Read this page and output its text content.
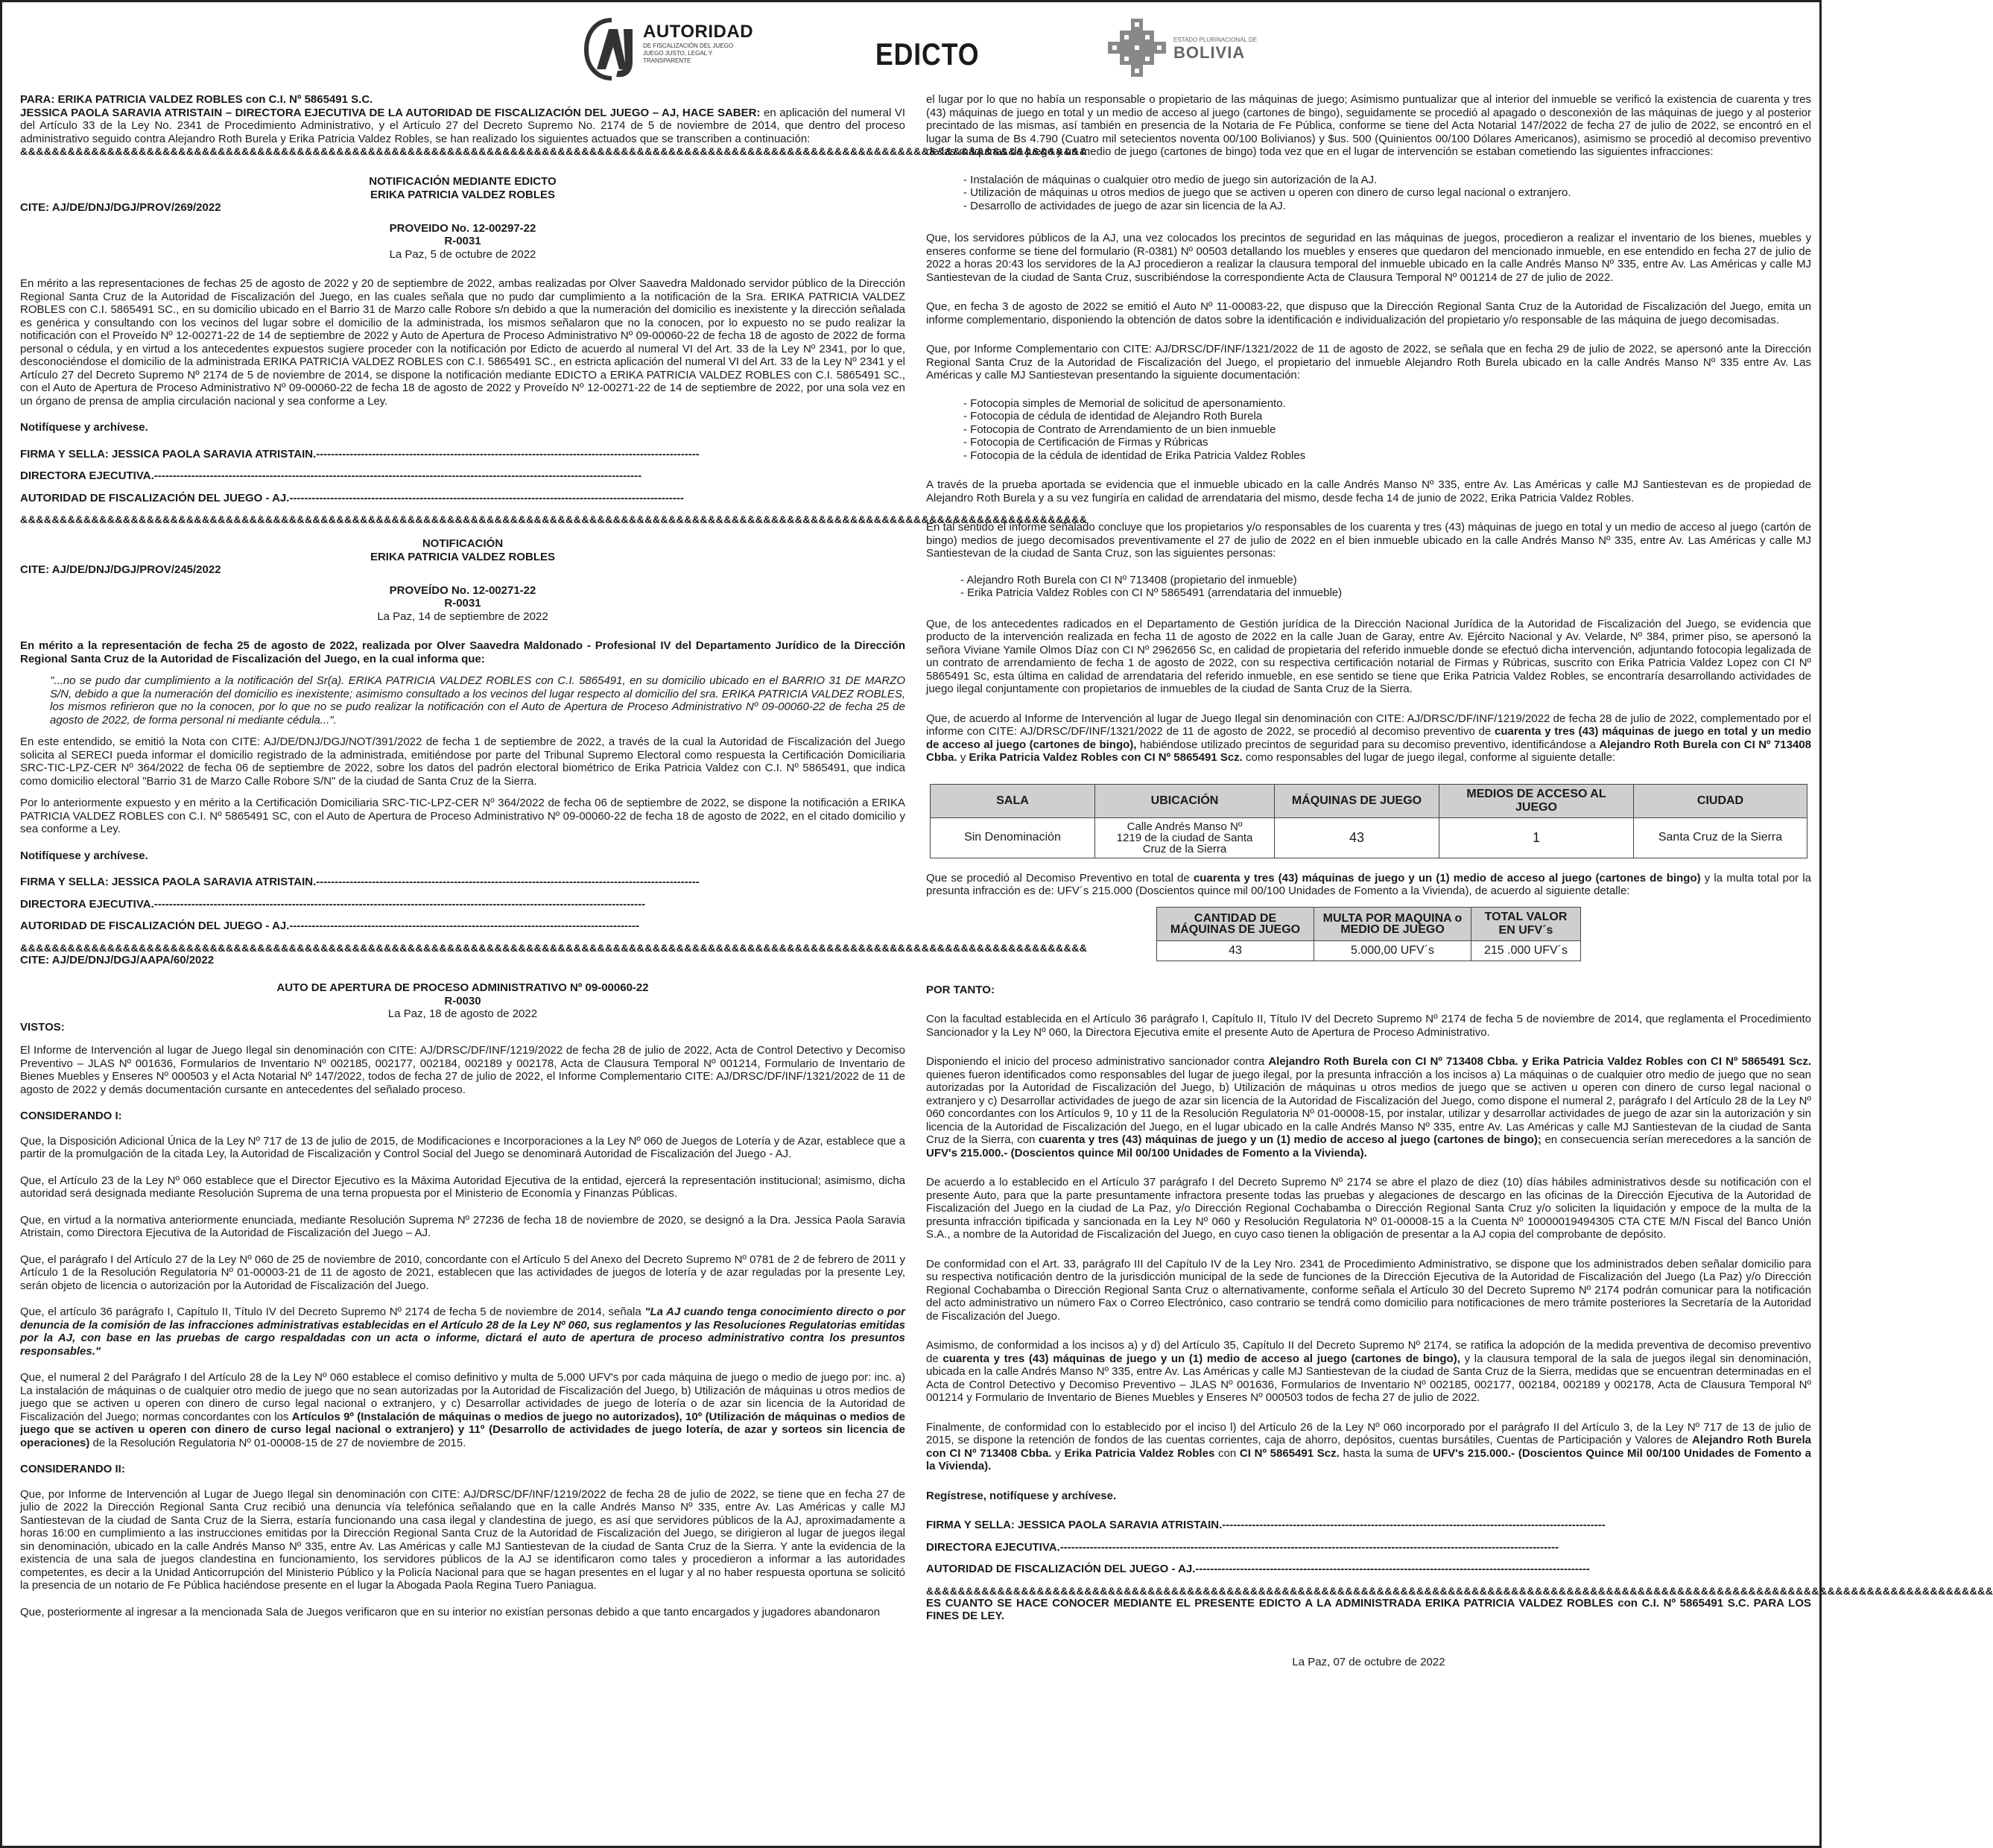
AUTORIDAD
DE FISCALIZACIÓN DEL JUEGO
JUEGO JUSTO, LEGAL Y TRANSPARENTE	EDICTO	ESTADO PLURINACIONAL DE
BOLIVIA

PARA: ERIKA PATRICIA VALDEZ ROBLES con C.I. Nº 5865491 S.C.

JESSICA PAOLA SARAVIA ATRISTAIN – DIRECTORA EJECUTIVA DE LA AUTORIDAD DE FISCALIZACIÓN DEL JUEGO – AJ, HACE SABER: en aplicación del numeral VI del Artículo 33 de la Ley No. 2341 de Procedimiento Administrativo, y el Artículo 27 del Decreto Supremo No. 2174 de 5 de noviembre de 2014, que dentro del proceso administrativo seguido contra Alejandro Roth Burela y Erika Patricia Valdez Robles, se han realizado los siguientes actuados que se transcriben a continuación:

&&&&&&&&&&&&&&&&&&&&&&&&&&&&&&&&&&&&&&&&&&&&&&&&&&&&&&&&&&&&&&&&&&&&&&&&&&&&&&&&&&&&&&&&&&&&&&&&&&&&&&&&&&&&&&&&&&&&&&&&&&&&&&&&&&&&&&&

NOTIFICACIÓN MEDIANTE EDICTO

ERIKA PATRICIA VALDEZ ROBLES

CITE: AJ/DE/DNJ/DGJ/PROV/269/2022

PROVEIDO No. 12-00297-22

R-0031

La Paz, 5 de octubre de 2022

En mérito a las representaciones de fechas 25 de agosto de 2022 y 20 de septiembre de 2022, ambas realizadas por Olver Saavedra Maldonado servidor público de la Dirección Regional Santa Cruz de la Autoridad de Fiscalización del Juego, en las cuales señala que no pudo dar cumplimiento a la notificación de la Sra. ERIKA PATRICIA VALDEZ ROBLES con C.I. 5865491 SC., en su domicilio ubicado en el Barrio 31 de Marzo calle Robore s/n debido a que la numeración del domicilio es inexistente y la dirección señalada es genérica y consultando con los vecinos del lugar sobre el domicilio de la administrada, los mismos señalaron que no la conocen, por lo expuesto no se pudo realizar la notificación con el Proveído Nº 12-00271-22 de 14 de septiembre de 2022 y Auto de Apertura de Proceso Administrativo Nº 09-00060-22 de fecha 18 de agosto de 2022 de forma personal o cédula, y en virtud a los antecedentes expuestos sugiere proceder con la notificación por Edicto de acuerdo al numeral VI del Art. 33 de la Ley Nº 2341, por lo que, desconociéndose el domicilio de la administrada ERIKA PATRICIA VALDEZ ROBLES con C.I. 5865491 SC., en estricta aplicación del numeral VI del Art. 33 de la Ley Nº 2341 y el Artículo 27 del Decreto Supremo Nº 2174 de 5 de noviembre de 2014, se dispone la notificación mediante EDICTO a ERIKA PATRICIA VALDEZ ROBLES con C.I. 5865491 SC., con el Auto de Apertura de Proceso Administrativo Nº 09-00060-22 de fecha 18 de agosto de 2022 y Proveído Nº 12-00271-22 de 14 de septiembre de 2022, por una sola vez en un órgano de prensa de amplia circulación nacional y sea conforme a Ley.

Notifíquese y archívese.

FIRMA Y SELLA: JESSICA PAOLA SARAVIA ATRISTAIN.-------------------------------------------------------------------------------------------------------

DIRECTORA EJECUTIVA.-----------------------------------------------------------------------------------------------------------------------------------

AUTORIDAD DE FISCALIZACIÓN DEL JUEGO - AJ.----------------------------------------------------------------------------------------------------------

&&&&&&&&&&&&&&&&&&&&&&&&&&&&&&&&&&&&&&&&&&&&&&&&&&&&&&&&&&&&&&&&&&&&&&&&&&&&&&&&&&&&&&&&&&&&&&&&&&&&&&&&&&&&&&&&&&&&&&&&&&&&&&&&&&&&&&&

NOTIFICACIÓN

ERIKA PATRICIA VALDEZ ROBLES

CITE: AJ/DE/DNJ/DGJ/PROV/245/2022

PROVEÍDO No. 12-00271-22

R-0031

La Paz, 14 de septiembre de 2022

En mérito a la representación de fecha 25 de agosto de 2022, realizada por Olver Saavedra Maldonado - Profesional IV del Departamento Jurídico de la Dirección Regional Santa Cruz de la Autoridad de Fiscalización del Juego, en la cual informa que:

"...no se pudo dar cumplimiento a la notificación del Sr(a). ERIKA PATRICIA VALDEZ ROBLES con C.I. 5865491, en su domicilio ubicado en el BARRIO 31 DE MARZO S/N, debido a que la numeración del domicilio es inexistente; asimismo consultado a los vecinos del lugar respecto al domicilio del sra. ERIKA PATRICIA VALDEZ ROBLES, los mismos refirieron que no la conocen, por lo que no se pudo realizar la notificación con el Auto de Apertura de Proceso Administrativo Nº 09-00060-22 de fecha 25 de agosto de 2022, de forma personal ni mediante cédula...".

En este entendido, se emitió la Nota con CITE: AJ/DE/DNJ/DGJ/NOT/391/2022 de fecha 1 de septiembre de 2022, a través de la cual la Autoridad de Fiscalización del Juego solicita al SERECI pueda informar el domicilio registrado de la administrada, emitiéndose por parte del Tribunal Supremo Electoral como respuesta la Certificación Domiciliaria SRC-TIC-LPZ-CER Nº 364/2022 de fecha 06 de septiembre de 2022, sobre los datos del padrón electoral biométrico de Erika Patricia Valdez con C.I. Nº 5865491, que indica como domicilio electoral "Barrio 31 de Marzo Calle Robore S/N" de la ciudad de Santa Cruz de la Sierra.

Por lo anteriormente expuesto y en mérito a la Certificación Domiciliaria SRC-TIC-LPZ-CER Nº 364/2022 de fecha 06 de septiembre de 2022, se dispone la notificación a ERIKA PATRICIA VALDEZ ROBLES con C.I. Nº 5865491 SC, con el Auto de Apertura de Proceso Administrativo Nº 09-00060-22 de fecha 18 de agosto de 2022, en el citado domicilio y sea conforme a Ley.

Notifíquese y archívese.

FIRMA Y SELLA: JESSICA PAOLA SARAVIA ATRISTAIN.-------------------------------------------------------------------------------------------------------

DIRECTORA EJECUTIVA.------------------------------------------------------------------------------------------------------------------------------------

AUTORIDAD DE FISCALIZACIÓN DEL JUEGO - AJ.----------------------------------------------------------------------------------------------

&&&&&&&&&&&&&&&&&&&&&&&&&&&&&&&&&&&&&&&&&&&&&&&&&&&&&&&&&&&&&&&&&&&&&&&&&&&&&&&&&&&&&&&&&&&&&&&&&&&&&&&&&&&&&&&&&&&&&&&&&&&&&&&&&&&&&&&

CITE: AJ/DE/DNJ/DGJ/AAPA/60/2022

AUTO DE APERTURA DE PROCESO ADMINISTRATIVO Nº 09-00060-22

R-0030

La Paz, 18 de agosto de 2022

VISTOS:

El Informe de Intervención al lugar de Juego Ilegal sin denominación con CITE: AJ/DRSC/DF/INF/1219/2022 de fecha 28 de julio de 2022, Acta de Control Detectivo y Decomiso Preventivo – JLAS Nº 001636, Formularios de Inventario Nº 002185, 002177, 002184, 002189 y 002178, Acta de Clausura Temporal Nº 001214, Formulario de Inventario de Bienes Muebles y Enseres Nº 000503 y el Acta Notarial Nº 147/2022, todos de fecha 27 de julio de 2022, el Informe Complementario CITE: AJ/DRSC/DF/INF/1321/2022 de 11 de agosto de 2022 y demás documentación cursante en antecedentes del señalado proceso.

CONSIDERANDO I:

Que, la Disposición Adicional Única de la Ley Nº 717 de 13 de julio de 2015, de Modificaciones e Incorporaciones a la Ley Nº 060 de Juegos de Lotería y de Azar, establece que a partir de la promulgación de la citada Ley, la Autoridad de Fiscalización y Control Social del Juego se denominará Autoridad de Fiscalización del Juego - AJ.

Que, el Artículo 23 de la Ley Nº 060 establece que el Director Ejecutivo es la Máxima Autoridad Ejecutiva de la entidad, ejercerá la representación institucional; asimismo, dicha autoridad será designada mediante Resolución Suprema de una terna propuesta por el Ministerio de Economía y Finanzas Públicas.

Que, en virtud a la normativa anteriormente enunciada, mediante Resolución Suprema Nº 27236 de fecha 18 de noviembre de 2020, se designó a la Dra. Jessica Paola Saravia Atristain, como Directora Ejecutiva de la Autoridad de Fiscalización del Juego – AJ.

Que, el parágrafo I del Artículo 27 de la Ley Nº 060 de 25 de noviembre de 2010, concordante con el Artículo 5 del Anexo del Decreto Supremo Nº 0781 de 2 de febrero de 2011 y Artículo 1 de la Resolución Regulatoria Nº 01-00003-21 de 11 de agosto de 2021, establecen que las actividades de juegos de lotería y de azar reguladas por la presente Ley, serán objeto de licencia o autorización por la Autoridad de Fiscalización del Juego.

Que, el artículo 36 parágrafo I, Capítulo II, Título IV del Decreto Supremo Nº 2174 de fecha 5 de noviembre de 2014, señala "La AJ cuando tenga conocimiento directo o por denuncia de la comisión de las infracciones administrativas establecidas en el Artículo 28 de la Ley Nº 060, sus reglamentos y las Resoluciones Regulatorias emitidas por la AJ, con base en las pruebas de cargo respaldadas con un acta o informe, dictará el auto de apertura de proceso administrativo contra los presuntos responsables."

Que, el numeral 2 del Parágrafo I del Artículo 28 de la Ley Nº 060 establece el comiso definitivo y multa de 5.000 UFV's por cada máquina de juego o medio de juego por: inc. a) La instalación de máquinas o de cualquier otro medio de juego que no sean autorizadas por la Autoridad de Fiscalización del Juego, b) Utilización de máquinas u otros medios de juego que se activen u operen con dinero de curso legal nacional o extranjero, y c) Desarrollar actividades de juego de lotería o de azar sin licencia de la Autoridad de Fiscalización del Juego; normas concordantes con los Artículos 9º (Instalación de máquinas o medios de juego no autorizados), 10º (Utilización de máquinas o medios de juego que se activen u operen con dinero de curso legal nacional o extranjero) y 11º (Desarrollo de actividades de juego lotería, de azar y sorteos sin licencia de operaciones) de la Resolución Regulatoria Nº 01-00008-15 de 27 de noviembre de 2015.

CONSIDERANDO II:

Que, por Informe de Intervención al Lugar de Juego Ilegal sin denominación con CITE: AJ/DRSC/DF/INF/1219/2022 de fecha 28 de julio de 2022, se tiene que en fecha 27 de julio de 2022 la Dirección Regional Santa Cruz recibió una denuncia vía telefónica señalando que en la calle Andrés Manso Nº 335, entre Av. Las Américas y calle MJ Santiestevan de la ciudad de Santa Cruz de la Sierra, estaría funcionando una casa ilegal y clandestina de juego, es así que servidores públicos de la AJ, aproximadamente a horas 16:00 en cumplimiento a las instrucciones emitidas por la Dirección Regional Santa Cruz de la Autoridad de Fiscalización del Juego, se dirigieron al lugar de juegos ilegal sin denominación, ubicado en la calle Andrés Manso Nº 335, entre Av. Las Américas y calle MJ Santiestevan de la ciudad de Santa Cruz de la Sierra. Y ante la evidencia de la existencia de una sala de juegos clandestina en funcionamiento, los servidores públicos de la AJ se identificaron como tales y procedieron a informar a las autoridades competentes, es decir a la Unidad Anticorrupción del Ministerio Público y la Policía Nacional para que se hagan presentes en el lugar y al no haber respuesta oportuna se solicitó la presencia de un notario de Fe Pública haciéndose presente en el lugar la Abogada Paola Regina Tuero Paniagua.

Que, posteriormente al ingresar a la mencionada Sala de Juegos verificaron que en su interior no existían personas debido a que tanto encargados y jugadores abandonaron

el lugar por lo que no había un responsable o propietario de las máquinas de juego; Asimismo puntualizar que al interior del inmueble se verificó la existencia de cuarenta y tres (43) máquinas de juego en total y un medio de acceso al juego (cartones de bingo), seguidamente se procedió al apagado o desconexión de las máquinas de juego y al posterior precintado de las mismas, así también en presencia de la Notaria de Fe Pública, conforme se tiene del Acta Notarial 147/2022 de fecha 27 de julio de 2022, se encontró en el lugar la suma de Bs 4.790 (Cuatro mil setecientos noventa 00/100 Bolivianos) y $us. 500 (Quinientos 00/100 Dólares Americanos), asimismo se procedió al decomiso preventivo de las máquinas de juego y un medio de juego (cartones de bingo) toda vez que en el lugar de intervención se estaban cometiendo las siguientes infracciones:

- Instalación de máquinas o cualquier otro medio de juego sin autorización de la AJ.
- Utilización de máquinas u otros medios de juego que se activen u operen con dinero de curso legal nacional o extranjero.
- Desarrollo de actividades de juego de azar sin licencia de la AJ.

Que, los servidores públicos de la AJ, una vez colocados los precintos de seguridad en las máquinas de juegos, procedieron a realizar el inventario de los bienes, muebles y enseres conforme se tiene del formulario (R-0381) Nº 00503 detallando los muebles y enseres que quedaron del mencionado inmueble, en ese entendido en fecha 27 de julio de 2022 a horas 20:43 los servidores de la AJ procedieron a realizar la clausura temporal del inmueble ubicado en la calle Andrés Manso Nº 335, entre Av. Las Américas y calle MJ Santiestevan de la ciudad de Santa Cruz, suscribiéndose la correspondiente Acta de Clausura Temporal Nº 001214 de 27 de julio de 2022.

Que, en fecha 3 de agosto de 2022 se emitió el Auto Nº 11-00083-22, que dispuso que la Dirección Regional Santa Cruz de la Autoridad de Fiscalización del Juego, emita un informe complementario, disponiendo la obtención de datos sobre la identificación e individualización del propietario y/o responsable de las máquina de juego decomisadas.

Que, por Informe Complementario con CITE: AJ/DRSC/DF/INF/1321/2022 de 11 de agosto de 2022, se señala que en fecha 29 de julio de 2022, se apersonó ante la Dirección Regional Santa Cruz de la Autoridad de Fiscalización del Juego, el propietario del inmueble Alejandro Roth Burela ubicado en la calle Andrés Manso Nº 335 entre Av. Las Américas y calle MJ Santiestevan presentando la siguiente documentación:

- Fotocopia simples de Memorial de solicitud de apersonamiento.
- Fotocopia de cédula de identidad de Alejandro Roth Burela
- Fotocopia de Contrato de Arrendamiento de un bien inmueble
- Fotocopia de Certificación de Firmas y Rúbricas
- Fotocopia de la cédula de identidad de Erika Patricia Valdez Robles

A través de la prueba aportada se evidencia que el inmueble ubicado en la calle Andrés Manso Nº 335, entre Av. Las Américas y calle MJ Santiestevan es de propiedad de Alejandro Roth Burela y a su vez fungiría en calidad de arrendataria del mismo, desde fecha 14 de junio de 2022, Erika Patricia Valdez Robles.

En tal sentido el informe señalado concluye que los propietarios y/o responsables de los cuarenta y tres (43) máquinas de juego en total y un medio de acceso al juego (cartón de bingo) medios de juego decomisados preventivamente el 27 de julio de 2022 en el bien inmueble ubicado en la calle Andrés Manso Nº 335, entre Av. Las Américas y calle MJ Santiestevan de la ciudad de Santa Cruz, son las siguientes personas:

- Alejandro Roth Burela con CI Nº 713408 (propietario del inmueble)
- Erika Patricia Valdez Robles con CI Nº 5865491 (arrendataria del inmueble)

Que, de los antecedentes radicados en el Departamento de Gestión jurídica de la Dirección Nacional Jurídica de la Autoridad de Fiscalización del Juego, se evidencia que producto de la intervención realizada en fecha 11 de agosto de 2022 en la calle Juan de Garay, entre Av. Ejército Nacional y Av. Velarde, Nº 384, primer piso, se apersonó la señora Viviane Yamile Olmos Díaz con CI Nº 2962656 Sc, en calidad de propietaria del referido inmueble donde se efectuó dicha intervención, adjuntando fotocopia legalizada de un contrato de arrendamiento de fecha 1 de agosto de 2022, con su respectiva certificación notarial de Firmas y Rúbricas, suscrito con Erika Patricia Valdez Lopez con CI Nº 5865491 Sc, esta última en calidad de arrendataria del referido inmueble, en ese sentido se tiene que Erika Patricia Valdez Robles, se encontraría desarrollando actividades de juego ilegal conjuntamente con propietarios de inmuebles de la ciudad de Santa Cruz de la Sierra.

Que, de acuerdo al Informe de Intervención al lugar de Juego Ilegal sin denominación con CITE: AJ/DRSC/DF/INF/1219/2022 de fecha 28 de julio de 2022, complementado por el informe con CITE: AJ/DRSC/DF/INF/1321/2022 de 11 de agosto de 2022, se procedió al decomiso preventivo de cuarenta y tres (43) máquinas de juego en total y un medio de acceso al juego (cartones de bingo), habiéndose utilizado precintos de seguridad para su decomiso preventivo, identificándose a Alejandro Roth Burela con CI Nº 713408 Cbba. y Erika Patricia Valdez Robles con CI Nº 5865491 Scz. como responsables del lugar de juego ilegal, conforme al siguiente detalle:

SALA	UBICACIÓN	MÁQUINAS DE JUEGO	MEDIOS DE ACCESO AL JUEGO	CIUDAD
Sin Denominación	Calle Andrés Manso Nº 1219 de la ciudad de Santa Cruz de la Sierra	43	1	Santa Cruz de la Sierra

Que se procedió al Decomiso Preventivo en total de cuarenta y tres (43) máquinas de juego y un (1) medio de acceso al juego (cartones de bingo) y la multa total por la presunta infracción es de: UFV´s 215.000 (Doscientos quince mil 00/100 Unidades de Fomento a la Vivienda), de acuerdo al siguiente detalle:

CANTIDAD DE MÁQUINAS DE JUEGO	MULTA POR MAQUINA o MEDIO DE JUEGO	TOTAL VALOR EN UFV´s
43	5.000,00 UFV´s	215 .000 UFV´s

POR TANTO:

Con la facultad establecida en el Artículo 36 parágrafo I, Capítulo II, Título IV del Decreto Supremo Nº 2174 de fecha 5 de noviembre de 2014, que reglamenta el Procedimiento Sancionador y la Ley Nº 060, la Directora Ejecutiva emite el presente Auto de Apertura de Proceso Administrativo.

Disponiendo el inicio del proceso administrativo sancionador contra Alejandro Roth Burela con CI Nº 713408 Cbba. y Erika Patricia Valdez Robles con CI Nº 5865491 Scz. quienes fueron identificados como responsables del lugar de juego ilegal, por la presunta infracción a los incisos a) La máquinas o de cualquier otro medio de juego que no sean autorizadas por la Autoridad de Fiscalización del Juego, b) Utilización de máquinas u otros medios de juego que se activen u operen con dinero de curso legal nacional o extranjero y c) Desarrollar actividades de juego de azar sin licencia de la Autoridad de Fiscalización del Juego, como dispone el numeral 2, parágrafo I del Artículo 28 de la Ley Nº 060 concordantes con los Artículos 9, 10 y 11 de la Resolución Regulatoria Nº 01-00008-15, por instalar, utilizar y desarrollar actividades de juego de azar sin la autorización y sin licencia de la Autoridad de Fiscalización del Juego, en el lugar ubicado en la calle Andrés Manso Nº 335, entre Av. Las Américas y calle MJ Santiestevan de la ciudad de Santa Cruz de la Sierra, con cuarenta y tres (43) máquinas de juego y un (1) medio de acceso al juego (cartones de bingo); en consecuencia serían merecedores a la sanción de UFV's 215.000.- (Doscientos quince Mil 00/100 Unidades de Fomento a la Vivienda).

De acuerdo a lo establecido en el Artículo 37 parágrafo I del Decreto Supremo Nº 2174 se abre el plazo de diez (10) días hábiles administrativos desde su notificación con el presente Auto, para que la parte presuntamente infractora presente todas las pruebas y alegaciones de descargo en las oficinas de la Dirección Ejecutiva de la Autoridad de Fiscalización del Juego en la ciudad de La Paz, y/o Dirección Regional Cochabamba o Dirección Regional Santa Cruz y/o soliciten la liquidación y empoce de la multa de la presunta infracción tipificada y sancionada en la Ley Nº 060 y Resolución Regulatoria Nº 01-00008-15 a la Cuenta Nº 10000019494305 CTA CTE M/N Fiscal del Banco Unión S.A., a nombre de la Autoridad de Fiscalización del Juego, en cuyo caso tienen la obligación de presentar a la AJ copia del comprobante de depósito.

De conformidad con el Art. 33, parágrafo III del Capítulo IV de la Ley Nro. 2341 de Procedimiento Administrativo, se dispone que los administrados deben señalar domicilio para su respectiva notificación dentro de la jurisdicción municipal de la sede de funciones de la Dirección Ejecutiva de la Autoridad de Fiscalización del Juego (La Paz) y/o Dirección Regional Cochabamba o Dirección Regional Santa Cruz o alternativamente, conforme señala el Artículo 30 del Decreto Supremo Nº 2174 podrán comunicar para la notificación del acto administrativo un número Fax o Correo Electrónico, caso contrario se tendrá como domicilio para notificaciones de mero trámite posteriores la Secretaría de la Autoridad de Fiscalización del Juego.

Asimismo, de conformidad a los incisos a) y d) del Artículo 35, Capítulo II del Decreto Supremo Nº 2174, se ratifica la adopción de la medida preventiva de decomiso preventivo de cuarenta y tres (43) máquinas de juego y un (1) medio de acceso al juego (cartones de bingo), y la clausura temporal de la sala de juegos ilegal sin denominación, ubicada en la calle Andrés Manso Nº 335, entre Av. Las Américas y calle MJ Santiestevan de la ciudad de Santa Cruz de la Sierra, medidas que se encuentran determinadas en el Acta de Control Detectivo y Decomiso Preventivo – JLAS Nº 001636, Formularios de Inventario Nº 002185, 002177, 002184, 002189 y 002178, Acta de Clausura Temporal Nº 001214 y Formulario de Inventario de Bienes Muebles y Enseres Nº 000503 todos de fecha 27 de julio de 2022.

Finalmente, de conformidad con lo establecido por el inciso l) del Artículo 26 de la Ley Nº 060 incorporado por el parágrafo II del Artículo 3, de la Ley Nº 717 de 13 de julio de 2015, se dispone la retención de fondos de las cuentas corrientes, caja de ahorro, depósitos, cuentas bursátiles, Cuentas de Participación y Valores de Alejandro Roth Burela con CI Nº 713408 Cbba. y Erika Patricia Valdez Robles con CI Nº 5865491 Scz. hasta la suma de UFV's 215.000.- (Doscientos Quince Mil 00/100 Unidades de Fomento a la Vivienda).

Regístrese, notifíquese y archívese.

FIRMA Y SELLA: JESSICA PAOLA SARAVIA ATRISTAIN.-------------------------------------------------------------------------------------------------------

DIRECTORA EJECUTIVA.--------------------------------------------------------------------------------------------------------------------------------------

AUTORIDAD DE FISCALIZACIÓN DEL JUEGO - AJ.----------------------------------------------------------------------------------------------------------

&&&&&&&&&&&&&&&&&&&&&&&&&&&&&&&&&&&&&&&&&&&&&&&&&&&&&&&&&&&&&&&&&&&&&&&&&&&&&&&&&&&&&&&&&&&&&&&&&&&&&&&&&&&&&&&&&&&&&&&&&&&&&&&&&&&&&&&

ES CUANTO SE HACE CONOCER MEDIANTE EL PRESENTE EDICTO A LA ADMINISTRADA ERIKA PATRICIA VALDEZ ROBLES con C.I. Nº 5865491 S.C. PARA LOS FINES DE LEY.

La Paz, 07 de octubre de 2022
